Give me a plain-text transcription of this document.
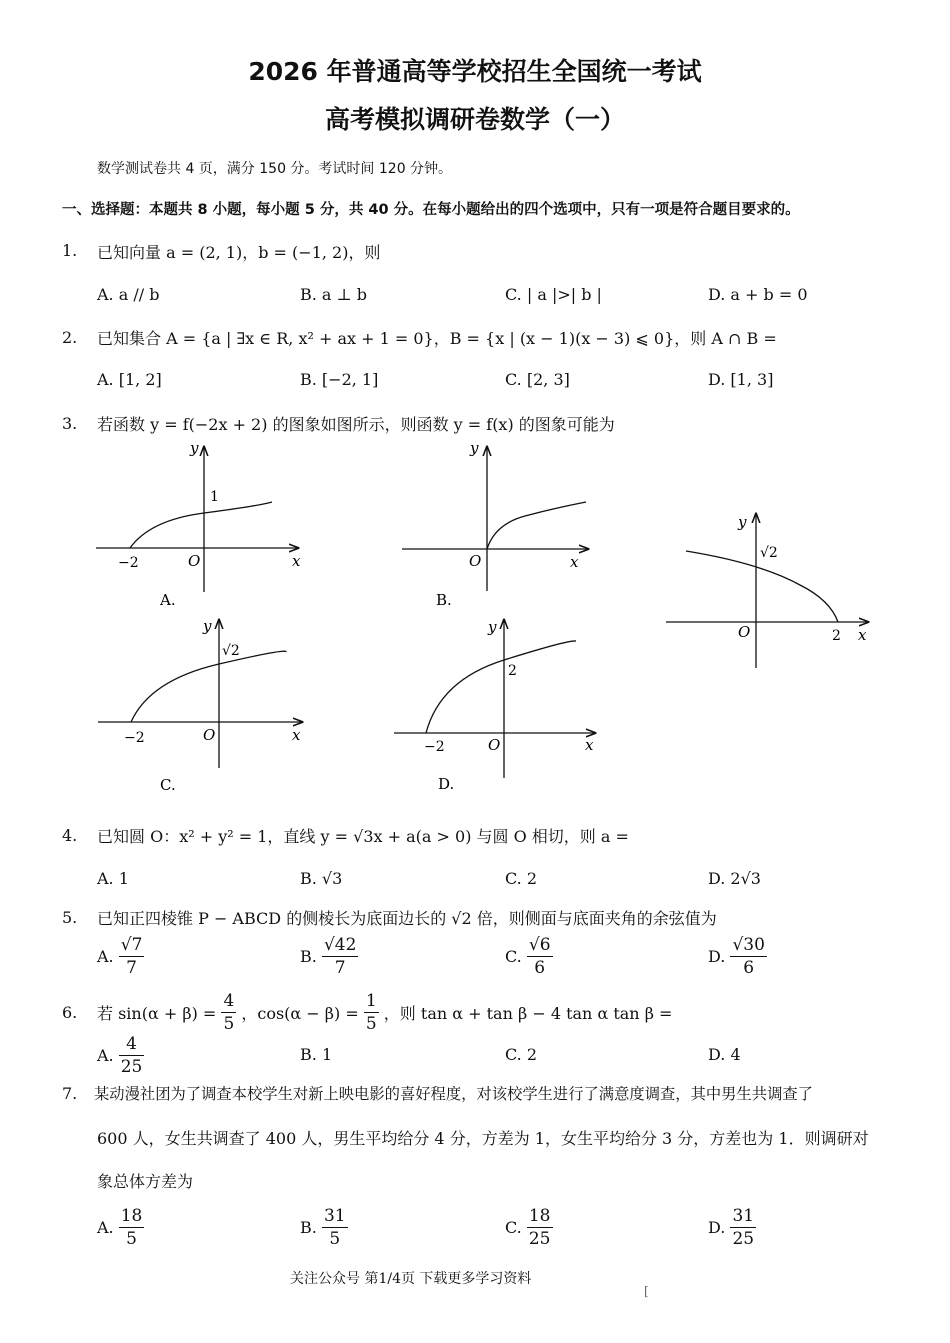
2026 年普通高等学校招生全国统一考试
高考模拟调研卷数学（一）
数学测试卷共 4 页，满分 150 分。考试时间 120 分钟。
一、选择题：本题共 8 小题，每小题 5 分，共 40 分。在每小题给出的四个选项中，只有一项是符合题目要求的。
1. 已知向量 a = (2, 1)，b = (−1, 2)，则
A. a // b	B. a ⊥ b	C. | a |>| b |	D. a + b = 0
2. 已知集合 A = {a | ∃x ∈ R, x² + ax + 1 = 0}，B = {x | (x − 1)(x − 3) ⩽ 0}，则 A ∩ B =
A. [1, 2]	B. [−2, 1]	C. [2, 3]	D. [1, 3]
3. 若函数 y = f(−2x + 2) 的图象如图所示，则函数 y = f(x) 的图象可能为
y
x
O
−2
1
A.
y
x
O
B.
y
x
O	2
√2
y
x
O
−2
√2
C.
y
x
O
−2
2
D.
4. 已知圆 O：x² + y² = 1，直线 y = √3x + a(a > 0) 与圆 O 相切，则 a =
A. 1	B. √3	C. 2	D. 2√3
5. 已知正四棱锥 P − ABCD 的侧棱长为底面边长的 √2 倍，则侧面与底面夹角的余弦值为
A. $\frac{√7}{7}$	B. $\frac{√42}{7}$	C. $\frac{√6}{6}$	D. $\frac{√30}{6}$
6. 若 $\sin(\alpha + \beta) = \frac{4}{5}$ ，$\cos(\alpha - \beta) = \frac{1}{5}$ ，则 tan α + tan β − 4 tan α tan β =
A. $\frac{4}{25}$	B. 1	C. 2	D. 4
7. 某动漫社团为了调查本校学生对新上映电影的喜好程度，对该校学生进行了满意度调查，其中男生共调查了
600 人，女生共调查了 400 人，男生平均给分 4 分，方差为 1，女生平均给分 3 分，方差也为 1．则调研对
象总体方差为
A. $\frac{18}{5}$	B. $\frac{31}{5}$	C. $\frac{18}{25}$	D. $\frac{31}{25}$
关注公众号 第1/4页 下载更多学习资料
[
